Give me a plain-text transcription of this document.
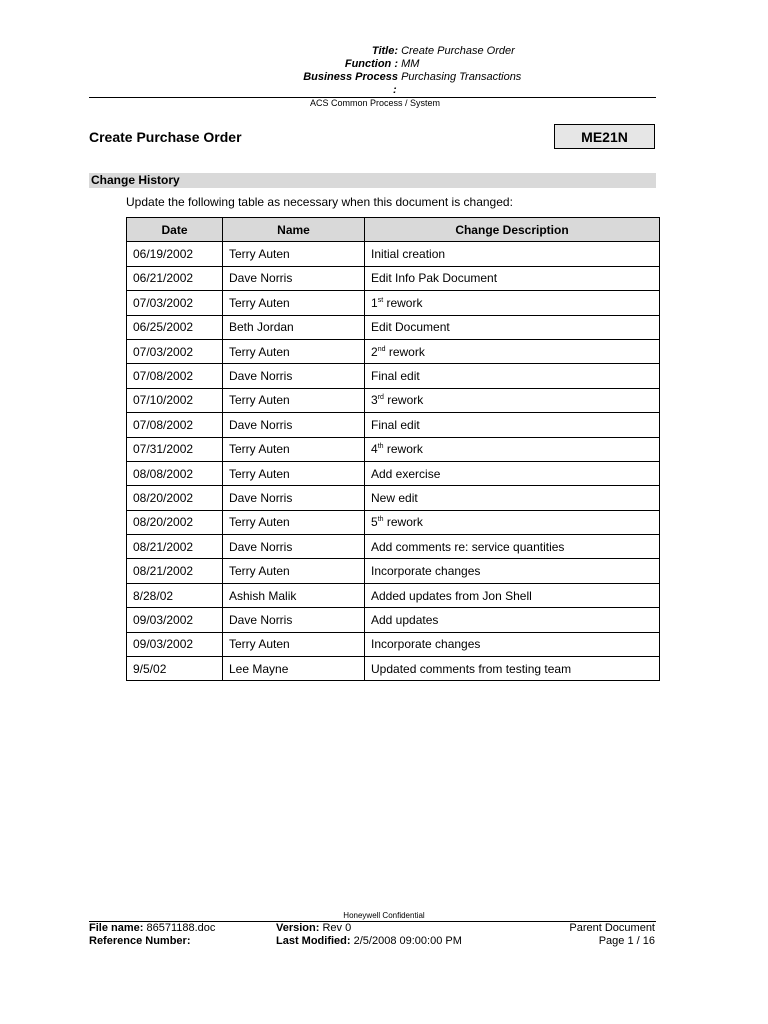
Title: Create Purchase Order
Function : MM
Business Process Purchasing Transactions
:
ACS Common Process / System
Create Purchase Order	ME21N
Change History
Update the following table as necessary when this document is changed:
Date	Name	Change Description
06/19/2002	Terry Auten	Initial creation
06/21/2002	Dave Norris	Edit Info Pak Document
07/03/2002	Terry Auten	1st rework
06/25/2002	Beth Jordan	Edit Document
07/03/2002	Terry Auten	2nd rework
07/08/2002	Dave Norris	Final edit
07/10/2002	Terry Auten	3rd rework
07/08/2002	Dave Norris	Final edit
07/31/2002	Terry Auten	4th rework
08/08/2002	Terry Auten	Add exercise
08/20/2002	Dave Norris	New edit
08/20/2002	Terry Auten	5th rework
08/21/2002	Dave Norris	Add comments re: service quantities
08/21/2002	Terry Auten	Incorporate changes
8/28/02	Ashish Malik	Added updates from Jon Shell
09/03/2002	Dave Norris	Add updates
09/03/2002	Terry Auten	Incorporate changes
9/5/02	Lee Mayne	Updated comments from testing team
Honeywell Confidential
File name: 86571188.doc	Version: Rev 0	Parent Document
Reference Number:	Last Modified: 2/5/2008 09:00:00 PM	Page 1 / 16
